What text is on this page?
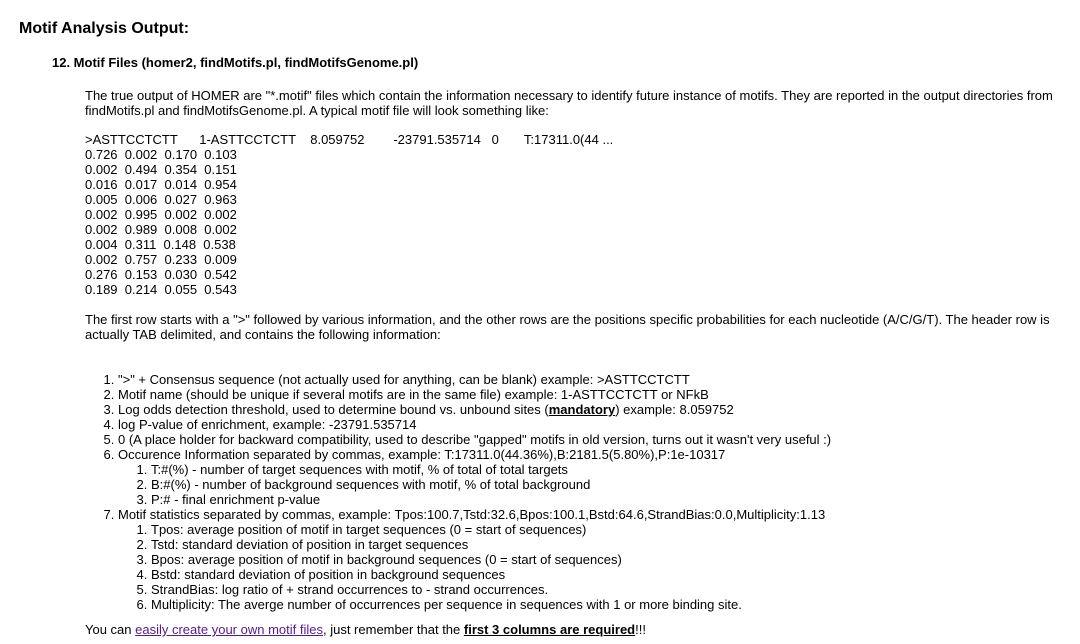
Motif Analysis Output:
12. Motif Files (homer2, findMotifs.pl, findMotifsGenome.pl)

The true output of HOMER are "*.motif" files which contain the information necessary to identify future instance of motifs. They are reported in the output directories from findMotifs.pl and findMotifsGenome.pl. A typical motif file will look something like:

>ASTTCCTCTT      1-ASTTCCTCTT    8.059752        -23791.535714   0       T:17311.0(44 ...
0.726  0.002  0.170  0.103
0.002  0.494  0.354  0.151
0.016  0.017  0.014  0.954
0.005  0.006  0.027  0.963
0.002  0.995  0.002  0.002
0.002  0.989  0.008  0.002
0.004  0.311  0.148  0.538
0.002  0.757  0.233  0.009
0.276  0.153  0.030  0.542
0.189  0.214  0.055  0.543

The first row starts with a ">" followed by various information, and the other rows are the positions specific probabilities for each nucleotide (A/C/G/T). The header row is actually TAB delimited, and contains the following information:

1. ">" + Consensus sequence (not actually used for anything, can be blank) example: >ASTTCCTCTT
2. Motif name (should be unique if several motifs are in the same file) example: 1-ASTTCCTCTT or NFkB
3. Log odds detection threshold, used to determine bound vs. unbound sites (mandatory) example: 8.059752
4. log P-value of enrichment, example: -23791.535714
5. 0 (A place holder for backward compatibility, used to describe "gapped" motifs in old version, turns out it wasn't very useful :)
6. Occurence Information separated by commas, example: T:17311.0(44.36%),B:2181.5(5.80%),P:1e-10317
1. T:#(%) - number of target sequences with motif, % of total of total targets
2. B:#(%) - number of background sequences with motif, % of total background
3. P:# - final enrichment p-value
7. Motif statistics separated by commas, example: Tpos:100.7,Tstd:32.6,Bpos:100.1,Bstd:64.6,StrandBias:0.0,Multiplicity:1.13
1. Tpos: average position of motif in target sequences (0 = start of sequences)
2. Tstd: standard deviation of position in target sequences
3. Bpos: average position of motif in background sequences (0 = start of sequences)
4. Bstd: standard deviation of position in background sequences
5. StrandBias: log ratio of + strand occurrences to - strand occurrences.
6. Multiplicity: The averge number of occurrences per sequence in sequences with 1 or more binding site.

You can easily create your own motif files, just remember that the first 3 columns are required!!!
